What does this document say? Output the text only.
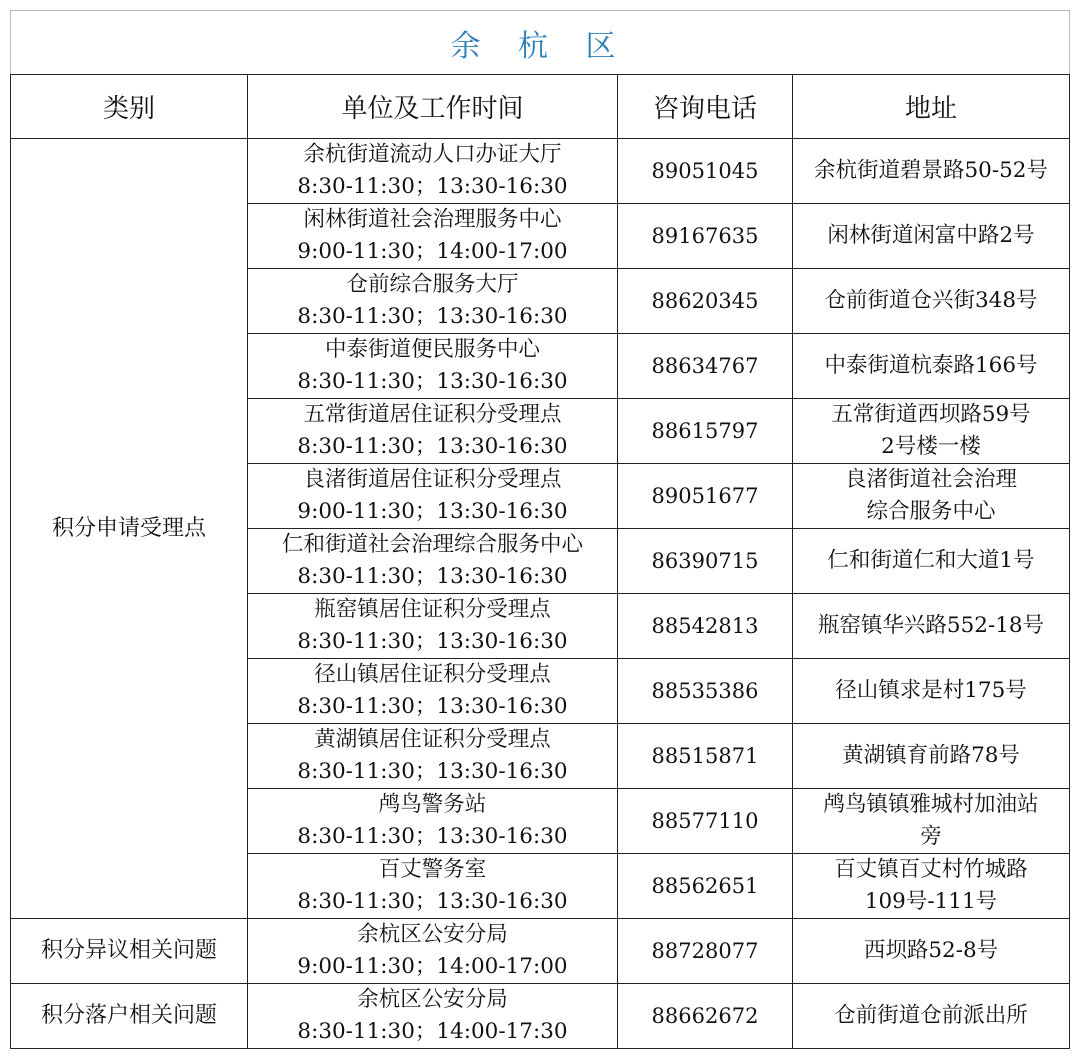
余 杭 区
类别	单位及工作时间	咨询电话	地址
积分申请受理点	余杭街道流动人口办证大厅
8:30-11:30；13:30-16:30	89051045	余杭街道碧景路50-52号

	闲林街道社会治理服务中心
9:00-11:30；14:00-17:00	89167635	闲林街道闲富中路2号

	仓前综合服务大厅
8:30-11:30；13:30-16:30	88620345	仓前街道仓兴街348号

	中泰街道便民服务中心
8:30-11:30；13:30-16:30	88634767	中泰街道杭泰路166号

	五常街道居住证积分受理点
8:30-11:30；13:30-16:30	88615797	五常街道西坝路59号
2号楼一楼

	良渚街道居住证积分受理点
9:00-11:30；13:30-16:30	89051677	良渚街道社会治理
综合服务中心

	仁和街道社会治理综合服务中心
8:30-11:30；13:30-16:30	86390715	仁和街道仁和大道1号

	瓶窑镇居住证积分受理点
8:30-11:30；13:30-16:30	88542813	瓶窑镇华兴路552-18号

	径山镇居住证积分受理点
8:30-11:30；13:30-16:30	88535386	径山镇求是村175号

	黄湖镇居住证积分受理点
8:30-11:30；13:30-16:30	88515871	黄湖镇育前路78号

	鸬鸟警务站
8:30-11:30；13:30-16:30	88577110	鸬鸟镇镇雅城村加油站
旁

	百丈警务室
8:30-11:30；13:30-16:30	88562651	百丈镇百丈村竹城路
109号-111号

积分异议相关问题	余杭区公安分局
9:00-11:30；14:00-17:00	88728077	西坝路52-8号

积分落户相关问题	余杭区公安分局
8:30-11:30；14:00-17:30	88662672	仓前街道仓前派出所
